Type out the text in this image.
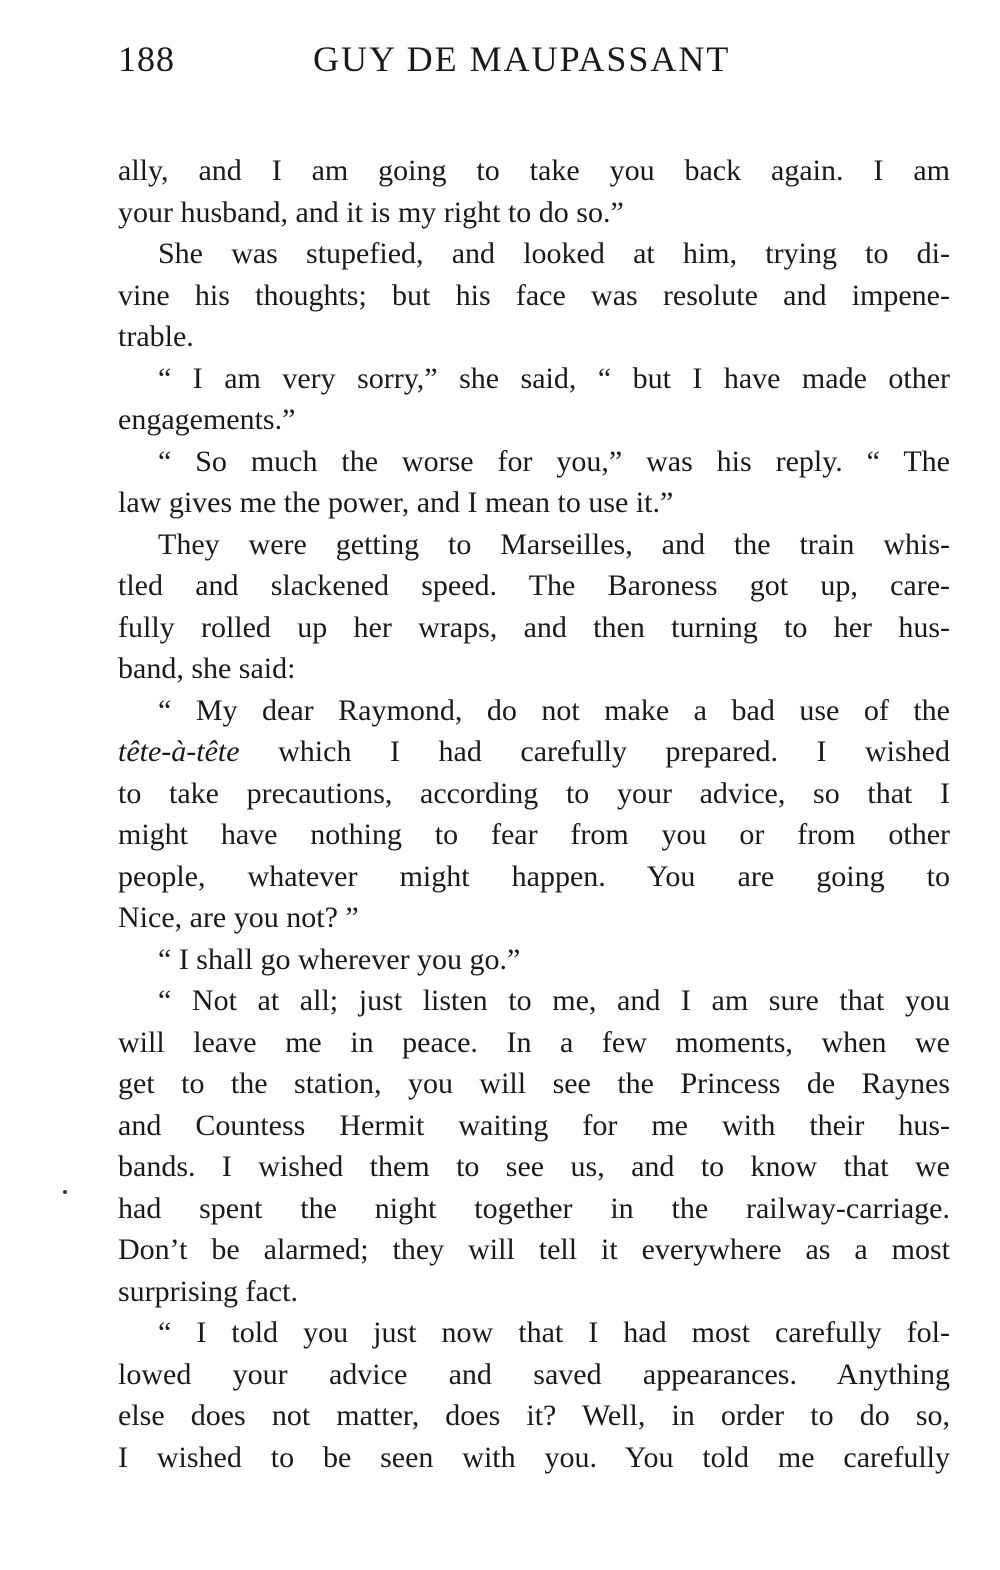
188	GUY DE MAUPASSANT
ally, and I am going to take you back again. I am
your husband, and it is my right to do so.”
She was stupefied, and looked at him, trying to di-
vine his thoughts; but his face was resolute and impene-
trable.
“ I am very sorry,” she said, “ but I have made other
engagements.”
“ So much the worse for you,” was his reply. “ The
law gives me the power, and I mean to use it.”
They were getting to Marseilles, and the train whis-
tled and slackened speed. The Baroness got up, care-
fully rolled up her wraps, and then turning to her hus-
band, she said:
“ My dear Raymond, do not make a bad use of the
tête-à-tête which I had carefully prepared. I wished
to take precautions, according to your advice, so that I
might have nothing to fear from you or from other
people, whatever might happen. You are going to
Nice, are you not? ”
“ I shall go wherever you go.”
“ Not at all; just listen to me, and I am sure that you
will leave me in peace. In a few moments, when we
get to the station, you will see the Princess de Raynes
and Countess Hermit waiting for me with their hus-
bands. I wished them to see us, and to know that we
had spent the night together in the railway-carriage.
Don’t be alarmed; they will tell it everywhere as a most
surprising fact.
“ I told you just now that I had most carefully fol-
lowed your advice and saved appearances. Anything
else does not matter, does it? Well, in order to do so,
I wished to be seen with you. You told me carefully
